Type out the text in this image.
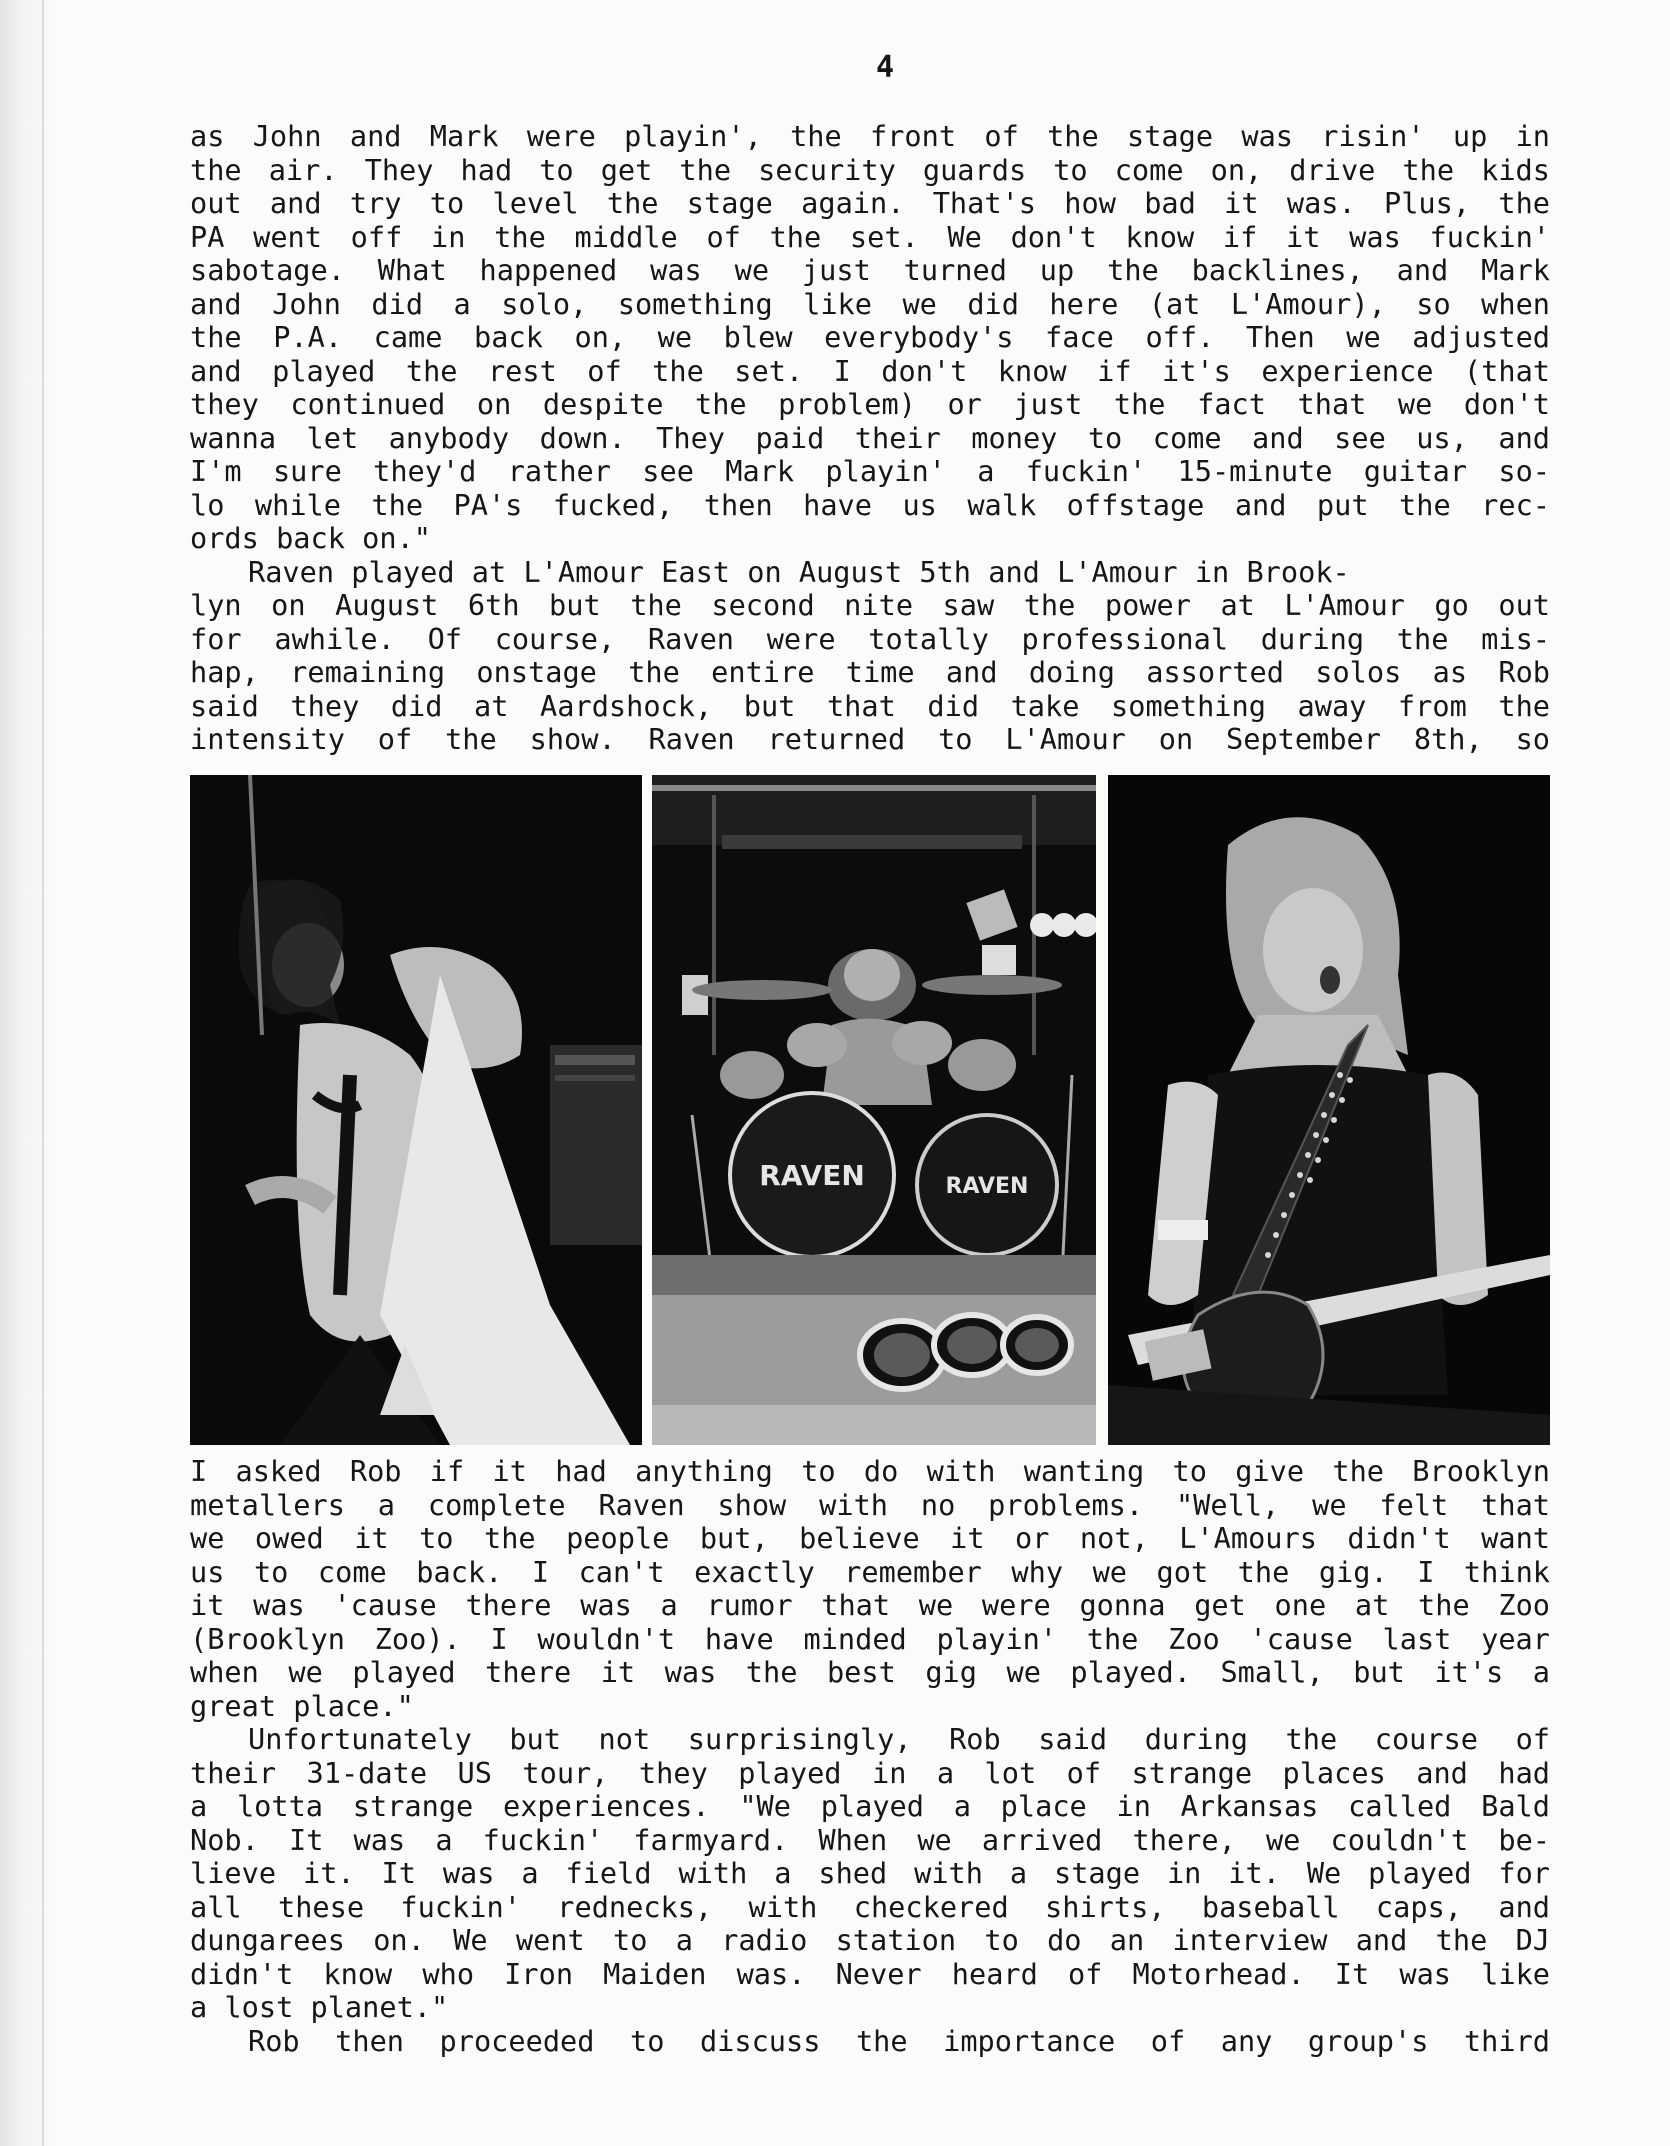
4
as John and Mark were playin', the front of the stage was risin' up in
the air. They had to get the security guards to come on, drive the kids
out and try to level the stage again. That's how bad it was. Plus, the
PA went off in the middle of the set. We don't know if it was fuckin'
sabotage. What happened was we just turned up the backlines, and Mark
and John did a solo, something like we did here (at L'Amour), so when
the P.A. came back on, we blew everybody's face off. Then we adjusted
and played the rest of the set. I don't know if it's experience (that
they continued on despite the problem) or just the fact that we don't
wanna let anybody down. They paid their money to come and see us, and
I'm sure they'd rather see Mark playin' a fuckin' 15-minute guitar so-
lo while the PA's fucked, then have us walk offstage and put the rec-
ords back on."
Raven played at L'Amour East on August 5th and L'Amour in Brook-
lyn on August 6th but the second nite saw the power at L'Amour go out
for awhile. Of course, Raven were totally professional during the mis-
hap, remaining onstage the entire time and doing assorted solos as Rob
said they did at Aardshock, but that did take something away from the
intensity of the show. Raven returned to L'Amour on September 8th, so
RAVEN	RAVEN
I asked Rob if it had anything to do with wanting to give the Brooklyn
metallers a complete Raven show with no problems. "Well, we felt that
we owed it to the people but, believe it or not, L'Amours didn't want
us to come back. I can't exactly remember why we got the gig. I think
it was 'cause there was a rumor that we were gonna get one at the Zoo
(Brooklyn Zoo). I wouldn't have minded playin' the Zoo 'cause last year
when we played there it was the best gig we played. Small, but it's a
great place."
Unfortunately but not surprisingly, Rob said during the course of
their 31-date US tour, they played in a lot of strange places and had
a lotta strange experiences. "We played a place in Arkansas called Bald
Nob. It was a fuckin' farmyard. When we arrived there, we couldn't be-
lieve it. It was a field with a shed with a stage in it. We played for
all these fuckin' rednecks, with checkered shirts, baseball caps, and
dungarees on. We went to a radio station to do an interview and the DJ
didn't know who Iron Maiden was. Never heard of Motorhead. It was like
a lost planet."
Rob then proceeded to discuss the importance of any group's third
